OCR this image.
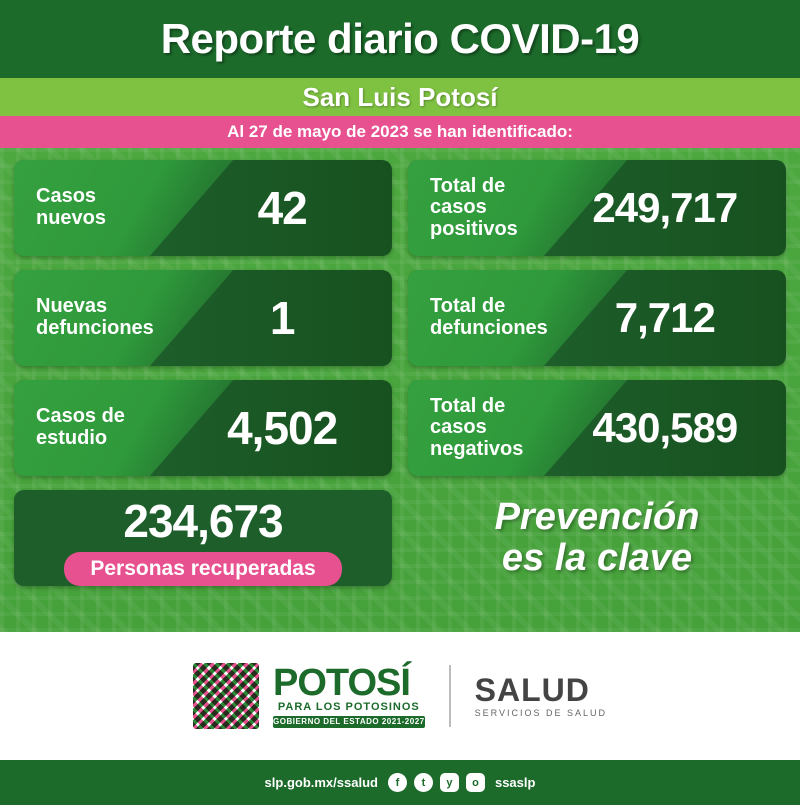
Reporte diario COVID-19
San Luis Potosí
Al 27 de mayo de 2023 se han identificado:
Casos
nuevos	42	Total de
casos
positivos	249,717
Nuevas
defunciones	1	Total de
defunciones	7,712
Casos de
estudio	4,502	Total de
casos
negativos	430,589
234,673
Personas recuperadas
Prevención
es la clave
POTOSÍ
PARA LOS POTOSINOS
GOBIERNO DEL ESTADO 2021-2027
SALUD
SERVICIOS DE SALUD
slp.gob.mx/ssalud	f	t	y	o	ssaslp
